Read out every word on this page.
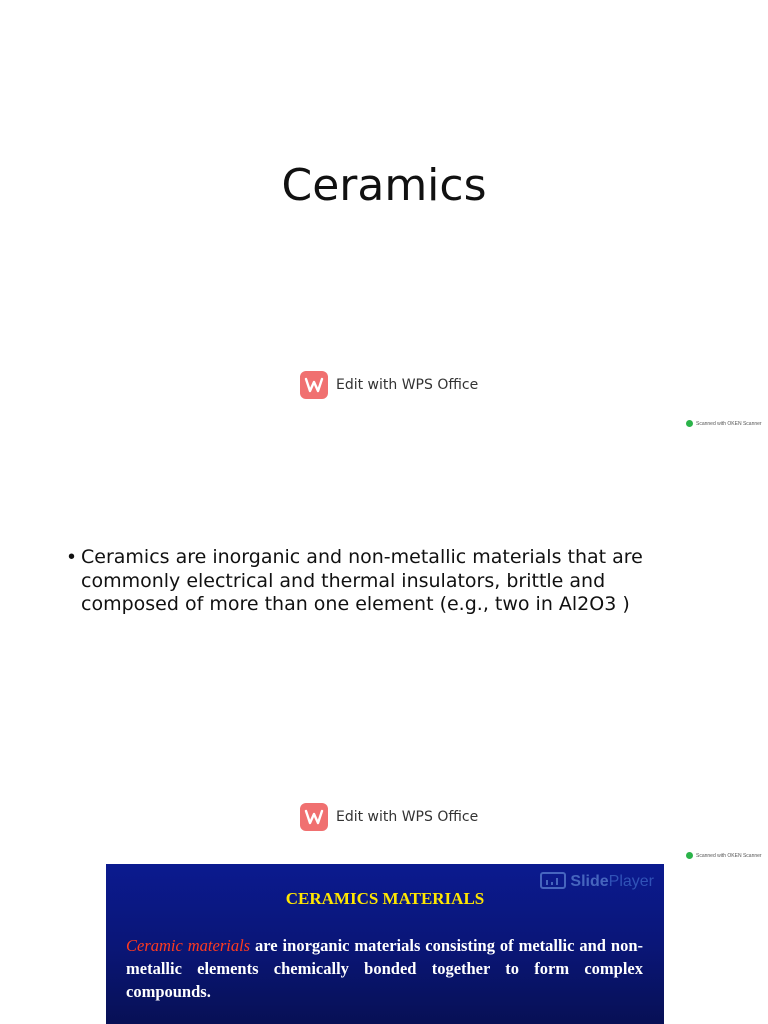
Ceramics
Edit with WPS Office
Scanned with OKEN Scanner
• Ceramics are inorganic and non-metallic materials that are commonly electrical and thermal insulators, brittle and composed of more than one element (e.g., two in Al2O3 )
Edit with WPS Office
Scanned with OKEN Scanner
SlidePlayer
CERAMICS MATERIALS
Ceramic materials are inorganic materials consisting of metallic and non-metallic elements chemically bonded together to form complex compounds.
